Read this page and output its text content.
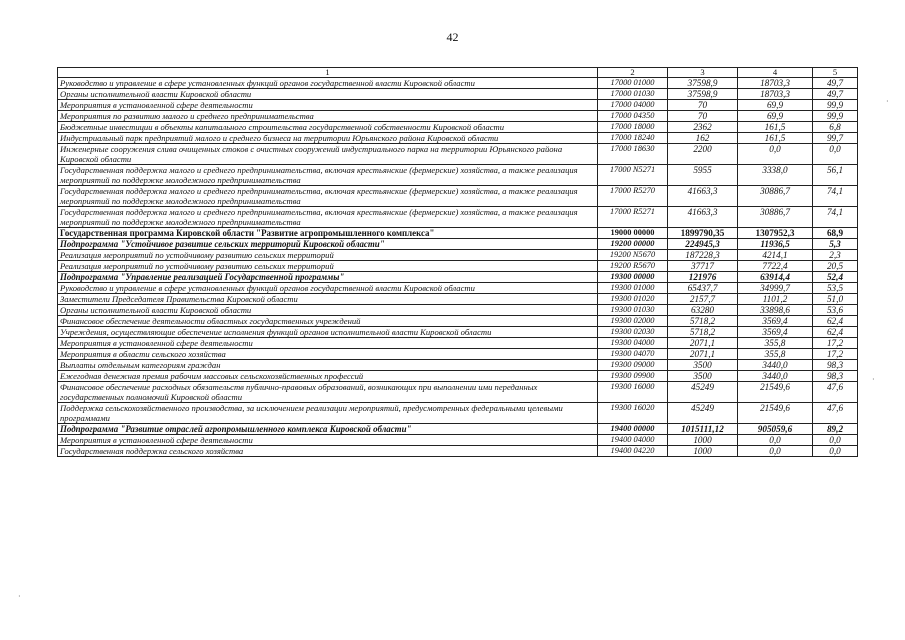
42
1	2	3	4	5
Руководство и управление в сфере установленных функций органов государственной власти Кировской области	17000 01000	37598,9	18703,3	49,7
Органы исполнительной власти Кировской области	17000 01030	37598,9	18703,3	49,7
Мероприятия в установленной сфере деятельности	17000 04000	70	69,9	99,9
Мероприятия по развитию малого и среднего предпринимательства	17000 04350	70	69,9	99,9
Бюджетные инвестиции в объекты капитального строительства государственной собственности Кировской области	17000 18000	2362	161,5	6,8
Индустриальный парк предприятий малого и среднего бизнеса на территории Юрьянского района Кировской области	17000 18240	162	161,5	99,7
Инженерные сооружения слива очищенных стоков с очистных сооружений индустриального парка на территории Юрьянского района Кировской области	17000 18630	2200	0,0	0,0
Государственная поддержка малого и среднего предпринимательства, включая крестьянские (фермерские) хозяйства, а также реализация мероприятий по поддержке молодежного предпринимательства	17000 N5271	5955	3338,0	56,1
Государственная поддержка малого и среднего предпринимательства, включая крестьянские (фермерские) хозяйства, а также реализация мероприятий по поддержке молодежного предпринимательства	17000 R5270	41663,3	30886,7	74,1
Государственная поддержка малого и среднего предпринимательства, включая крестьянские (фермерские) хозяйства, а также реализация мероприятий по поддержке молодежного предпринимательства	17000 R5271	41663,3	30886,7	74,1
Государственная программа Кировской области "Развитие агропромышленного комплекса"	19000 00000	1899790,35	1307952,3	68,9
Подпрограмма "Устойчивое развитие сельских территорий Кировской области"	19200 00000	224945,3	11936,5	5,3
Реализация мероприятий по устойчивому развитию сельских территорий	19200 N5670	187228,3	4214,1	2,3
Реализация мероприятий по устойчивому развитию сельских территорий	19200 R5670	37717	7722,4	20,5
Подпрограмма "Управление реализацией Государственной программы"	19300 00000	121976	63914,4	52,4
Руководство и управление в сфере установленных функций органов государственной власти Кировской области	19300 01000	65437,7	34999,7	53,5
Заместители Председателя Правительства Кировской области	19300 01020	2157,7	1101,2	51,0
Органы исполнительной власти Кировской области	19300 01030	63280	33898,6	53,6
Финансовое обеспечение деятельности областных государственных учреждений	19300 02000	5718,2	3569,4	62,4
Учреждения, осуществляющие обеспечение исполнения функций органов исполнительной власти Кировской области	19300 02030	5718,2	3569,4	62,4
Мероприятия в установленной сфере деятельности	19300 04000	2071,1	355,8	17,2
Мероприятия в области сельского хозяйства	19300 04070	2071,1	355,8	17,2
Выплаты отдельным категориям граждан	19300 09000	3500	3440,0	98,3
Ежегодная денежная премия рабочим массовых сельскохозяйственных профессий	19300 09900	3500	3440,0	98,3
Финансовое обеспечение расходных обязательств публично-правовых образований, возникающих при выполнении ими переданных государственных полномочий Кировской области	19300 16000	45249	21549,6	47,6
Поддержка сельскохозяйственного производства, за исключением реализации мероприятий, предусмотренных федеральными целевыми программами	19300 16020	45249	21549,6	47,6
Подпрограмма "Развитие отраслей агропромышленного комплекса Кировской области"	19400 00000	1015111,12	905059,6	89,2
Мероприятия в установленной сфере деятельности	19400 04000	1000	0,0	0,0
Государственная поддержка сельского хозяйства	19400 04220	1000	0,0	0,0
·
·
·
